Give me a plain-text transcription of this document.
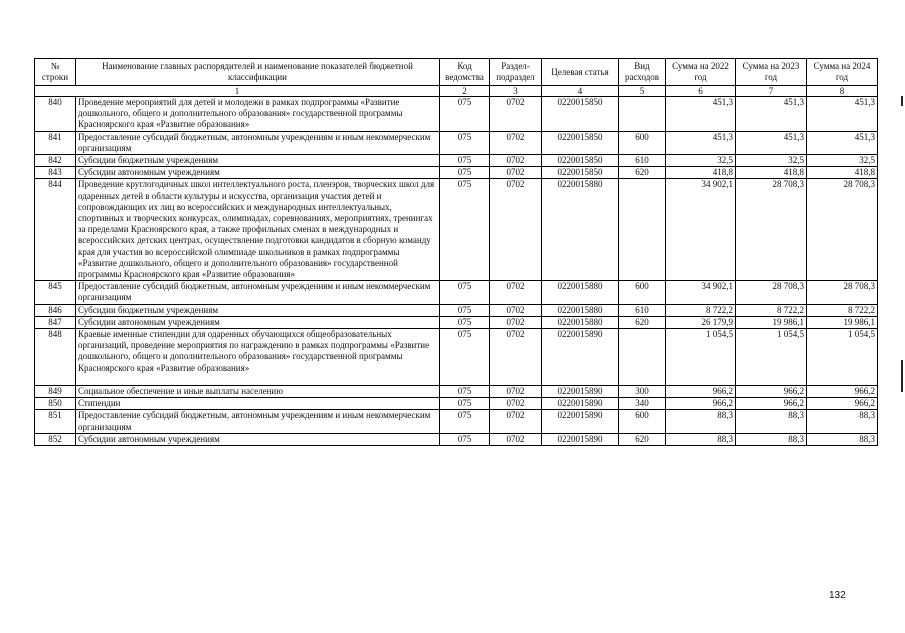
№ строки	Наименование главных распорядителей и наименование показателей бюджетной классификации	Код ведомства	Раздел-подраздел	Целевая статья	Вид расходов	Сумма на 2022 год	Сумма на 2023 год	Сумма на 2024 год
1		2	3	4	5	6	7	8
840	Проведение мероприятий для детей и молодежи в рамках подпрограммы «Развитие дошкольного, общего и дополнительного образования» государственной программы Красноярского края «Развитие образования»	075	0702	0220015850		451,3	451,3	451,3
841	Предоставление субсидий бюджетным, автономным учреждениям и иным некоммерческим организациям	075	0702	0220015850	600	451,3	451,3	451,3
842	Субсидии бюджетным учреждениям	075	0702	0220015850	610	32,5	32,5	32,5
843	Субсидии автономным учреждениям	075	0702	0220015850	620	418,8	418,8	418,8
844	Проведение круглогодичных школ интеллектуального роста, пленэров, творческих школ для одаренных детей в области культуры и искусства, организация участия детей и сопровождающих их лиц во всероссийских и международных интеллектуальных, спортивных и творческих конкурсах, олимпиадах, соревнованиях, мероприятиях, тренингах за пределами Красноярского края, а также профильных сменах в международных и всероссийских детских центрах, осуществление подготовки кандидатов в сборную команду края для участия во всероссийской олимпиаде школьников в рамках подпрограммы «Развитие дошкольного, общего и дополнительного образования» государственной программы Красноярского края «Развитие образования»	075	0702	0220015880		34 902,1	28 708,3	28 708,3
845	Предоставление субсидий бюджетным, автономным учреждениям и иным некоммерческим организациям	075	0702	0220015880	600	34 902,1	28 708,3	28 708,3
846	Субсидии бюджетным учреждениям	075	0702	0220015880	610	8 722,2	8 722,2	8 722,2
847	Субсидии автономным учреждениям	075	0702	0220015880	620	26 179,9	19 986,1	19 986,1
848	Краевые именные стипендии для одаренных обучающихся общеобразовательных организаций, проведение мероприятия по награждению в рамках подпрограммы «Развитие дошкольного, общего и дополнительного образования» государственной программы Красноярского края «Развитие образования»	075	0702	0220015890		1 054,5	1 054,5	1 054,5
849	Социальное обеспечение и иные выплаты населению	075	0702	0220015890	300	966,2	966,2	966,2
850	Стипендии	075	0702	0220015890	340	966,2	966,2	966,2
851	Предоставление субсидий бюджетным, автономным учреждениям и иным некоммерческим организациям	075	0702	0220015890	600	88,3	88,3	88,3
852	Субсидии автономным учреждениям	075	0702	0220015890	620	88,3	88,3	88,3
132
